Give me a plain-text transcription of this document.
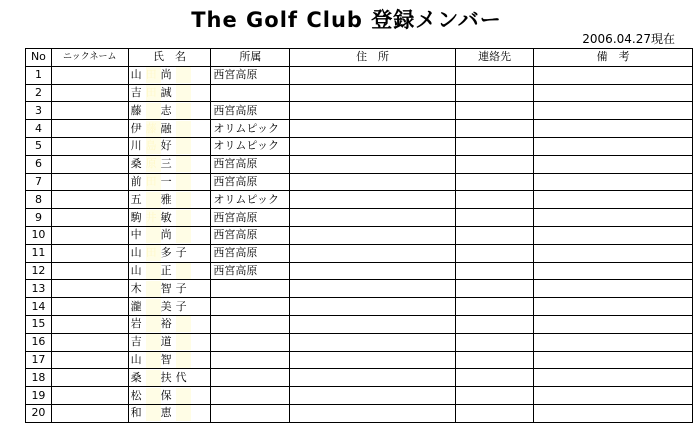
The Golf Club 登録メンバー
2006.04.27現在
No	ニックネーム	氏　名	所属	住　所	連絡先	備　考
1		山 田 尚	西宮高原			
2		吉 田 誠				
3		藤 志	西宮高原			
4		伊 藤 融	オリムピック			
5		川 島 好	オリムピック			
6		桑 原 三	西宮高原			
7		前 田 一	西宮高原			
8		五 雅	オリムピック			
9		駒 井 敏	西宮高原			
10		中 尚	西宮高原			
11		山 田 多 子	西宮高原			
12		山 正	西宮高原			
13		木 智 子				
14		瀧 美 子				
15		岩 裕				
16		吉 道				
17		山 智				
18		桑 扶 代				
19		松 保				
20		和 恵				
